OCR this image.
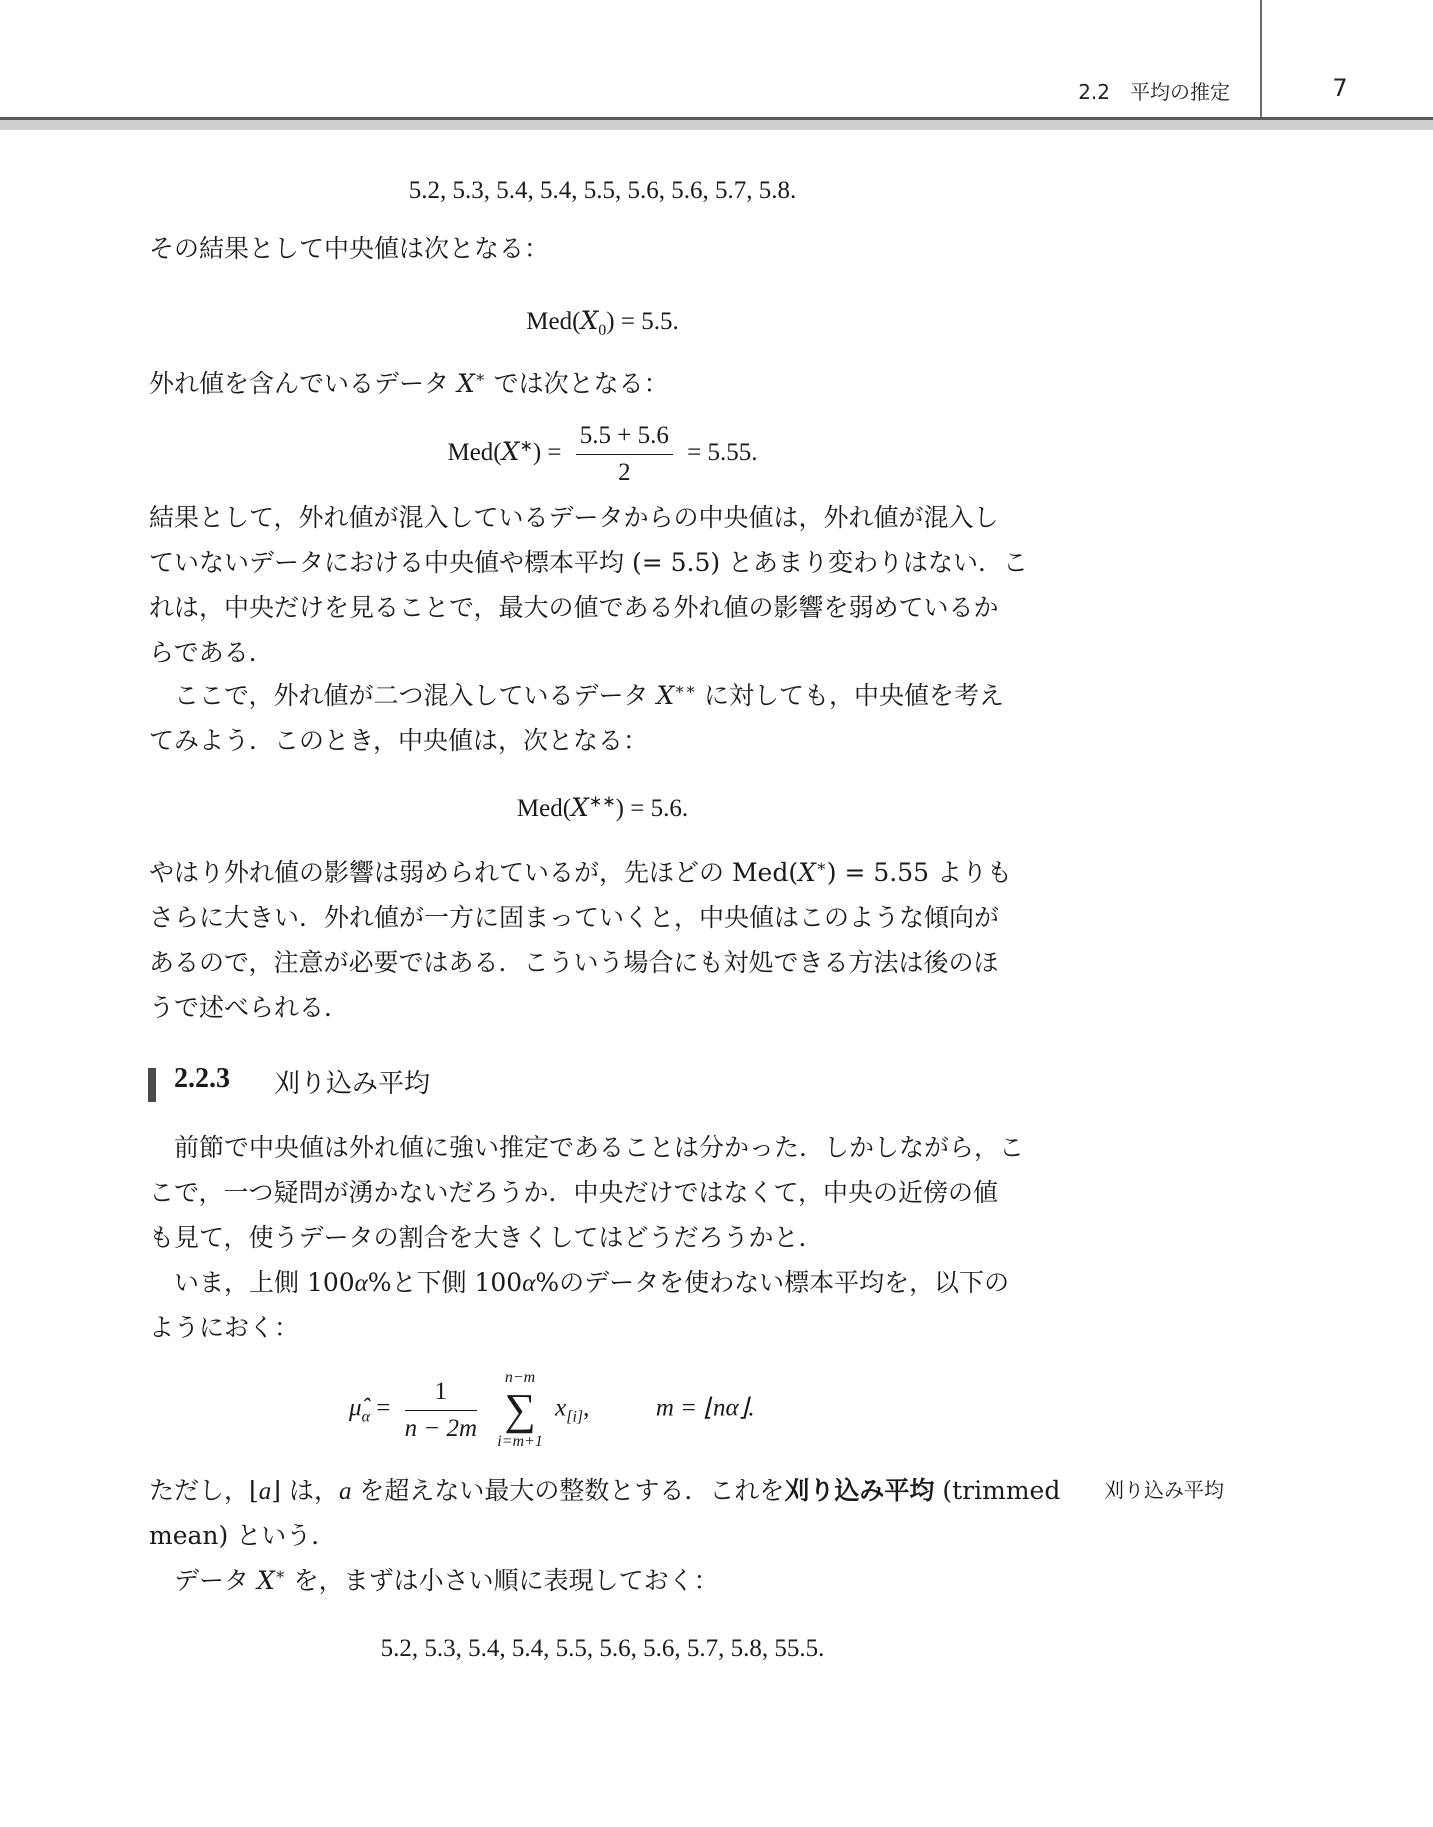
2.2　平均の推定	7
5.2, 5.3, 5.4, 5.4, 5.5, 5.6, 5.6, 5.7, 5.8.
その結果として中央値は次となる：
$Med(X_0) = 5.5$.
外れ値を含んでいるデータ X∗ では次となる：
$Med(X^∗) = \frac{5.5 + 5.6}{2} = 5.55$.
結果として，外れ値が混入しているデータからの中央値は，外れ値が混入し
ていないデータにおける中央値や標本平均 (= 5.5) とあまり変わりはない．こ
れは，中央だけを見ることで，最大の値である外れ値の影響を弱めているか
らである．
　ここで，外れ値が二つ混入しているデータ X∗∗ に対しても，中央値を考え
てみよう．このとき，中央値は，次となる：
Med(X∗∗) = 5.6.
やはり外れ値の影響は弱められているが，先ほどの Med(X∗) = 5.55 よりも
さらに大きい．外れ値が一方に固まっていくと，中央値はこのような傾向が
あるので，注意が必要ではある．こういう場合にも対処できる方法は後のほ
うで述べられる．
2.2.3 刈り込み平均
　前節で中央値は外れ値に強い推定であることは分かった．しかしながら，こ
こで，一つ疑問が湧かないだろうか．中央だけではなくて，中央の近傍の値
も見て，使うデータの割合を大きくしてはどうだろうかと．
　いま，上側 100α%と下側 100α%のデータを使わない標本平均を，以下の
ようにおく：
$\mû_\alpha = \frac{1}{n - 2m}$
	n−m
∑
i=m+1
$x_{[i]}$,	m = ⌊nα⌋.
ただし，⌊a⌋ は，a を超えない最大の整数とする．これを刈り込み平均 (trimmed
mean) という．
刈り込み平均
　データ X∗ を，まずは小さい順に表現しておく：
5.2, 5.3, 5.4, 5.4, 5.5, 5.6, 5.6, 5.7, 5.8, 55.5.
